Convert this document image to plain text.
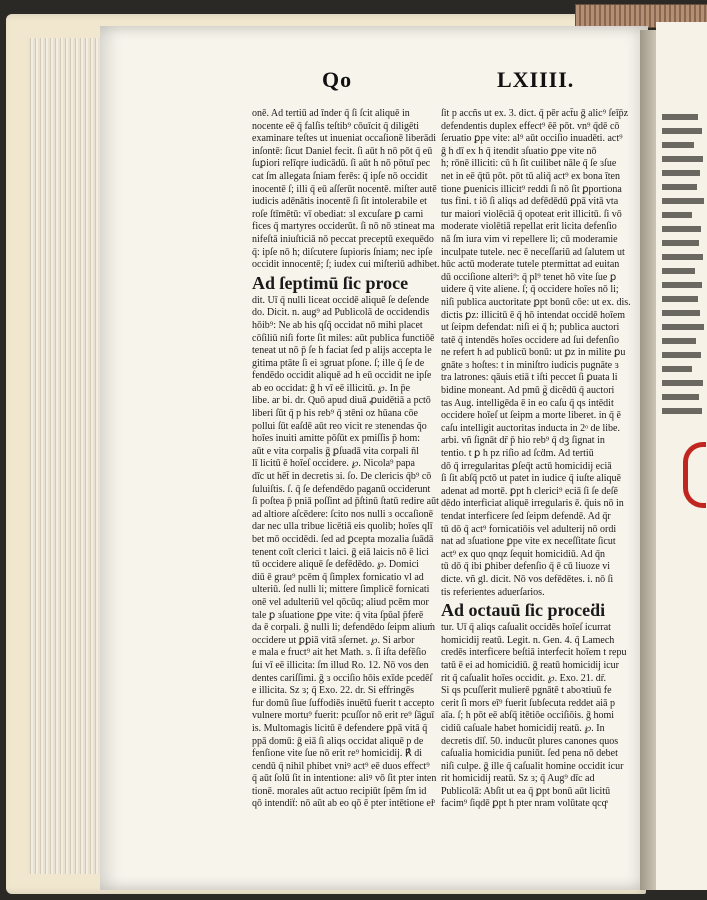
Qo	LXIIII.
onē. Ad tertiū ad īnder q̄ ſi ſcit aliquē in
nocente eē q̄ falſis teſtib⁹ cōuīcit q̄ diligēti
examinare teſtes ut inueniat occaſionē liberādi
inſontē: ſicut Daniel fecit. ſi aūt h̄ nō pōt q̄ eū
ſuꝑiori relīqre iudicādū. ſi aūt h̄ nō pōtuī pec
cat ſm allegata ſniam ferēs: q̄ ipſe nō occidit
inocentē ſ; illi q̄ eū aſſerūt nocentē. miſter autē
iudicis adēnātis inocentē ſi ſit intolerabile et
roſe ſtīmētū: vī obediat: ɜl excuſare ꝑ carni
fices q̄ martyres occiderūt. ſi nō nō ɜtineat ma
nifeſtā iniuſticiā nō peccat preceptū exequēdo
q̄: ipſe nō h̄; diſcutere ſupioris ſniam; nec ipſe
occidit innocentē; ſ; iudex cui miſteriū adhibet.
Ad ſeptimū ſic proce
dit. Uī q̄ nulli liceat occidē aliquē ſe deſende
do. Dicit. n. aug⁹ ad Publicolā de occidendis
hōib⁹: Ne ab his qſq̄ occidat nō mihi placet
cōſiliū niſi forte ſit miles: aūt publica functiōē
teneat ut nō p̄ ſe h̄ faciat ſed p alijs accepta le
gitima ptāte ſi ei ɜgruat pſone. ſ; ille q̄ ſe de
fendēdo occidit aliquē ad h̄ eū occidit ne ipſe
ab eo occidat: ḡ h̄ vī eē illicitū. ℘. In p̄e
libe. ar bi. dr. Quō apud diuā ꝓuidētiā a pctō
liberi ſūt q̄ p his reb⁹ q̄ ɜtēni oz hūana cōe
pollui ſūt eaſdē aūt reo vicit re ɜtenendas q̄o
hoīes inuiti amitte pōſūt ex pmiſſis p̄ hom:
aūt e vita corpalis ḡ ꝑſuadā vita corpali n̄l
lī licitū ē hoīeſ occidere. ℘. Nicola⁹ papa
dīc ut h̄ēt̄ in decretis ɜi. ſo. De clericis q̄b⁹ cō
ſuluiſtis. ſ. q̄ ſe defendēdo paganū occiderunt
ſi poſtea p̄ pniā poſſint ad p̄ſtinū ſtatū redire aūt
ad altiore aſcēdere: ſcito nos nulli ɜ occaſionē
dar nec ulla tribue licētiā eis quolib; hoīes qlī
bet mō occidēdi. ſed ad ꝑcepta mozalia ſuādā
tenent coīt clerici t laici. ḡ eiā laicis nō ē lici
tū occidere aliquē ſe defēdēdo. ℘. Domici
diū ē grau⁹ pcēm q̄ ſimplex fornicatio vl ad
ulteriū. ſed nulli li; mittere ſimplicē fornicati
onē vel adulteriū vel qōcūq; aliud pcēm mor
tale ꝑ ɜſuatione ꝑpe vite: q̄ vita ſpūal p̄ferē
da ē corpali. ḡ nulli li; defendēdo ſeipm aliuṁ
occidere ut ꝑꝑiā vitā ɜſernet. ℘. Si arbor
e mala e fruct⁹ ait h̄et Math. ɜ. ſi iſta defēſio
ſui vī eē illicita: ſm illud Ro. 12. Nō vos den
dentes cariſſimi. ḡ ɜ occiſio hōis exīde pcedēſ
e illicita. Sz ɜ; q̄ Exo. 22. dr. Si effringēs
fur domū ſiue ſuffodiēs inuētū fuerit t accepto
vulnere mortu⁹ fuerit: pcuſſor nō erit re⁹ ſāguī
is. Multomagis licitū ē defendere ꝑpā vitā q̄
ppā domū: ḡ eiā ſi aliqs occidat aliquē p de
fenſione vite ſue nō erit re⁹ homicidij. ℟ di
cendū q̄ nihil phibet vniꝰ act⁹ eē duos effect⁹
q̄ aūt ſolū ſit in intentione: aliꝰ vō ſit pter inten
tionē. morales aūt actuo recipiūt ſpēm ſm id
qō intendiẗ: nō aūt ab eo qō ē pter intētione eiͦ
ſit p accñs ut ex. 3. dict. q̄ pēr act̄u ḡ alic⁹ ſeīp̄z
defendentis duplex effect⁹ ēē pōt. vn⁹ q̄dē cō
ſeruatio ꝑpe vite: al⁹ aūt occiſio inuadēti. act⁹
ḡ h̄ dī ex h̄ q̄ itendit ɜſuatio ꝑpe vite nō
h̄; rōnē illiciti: cū h̄ ſit cuilibet nāle q̄ ſe ɜſue
net in eē q̄tū pōt. pōt tū aliq̄ act⁹ ex bona īten
tione ꝑuenicis illicit⁹ reddi ſi nō ſit ꝑportiona
tus fini. t iō ſi aliqs ad defēdēdū ꝑpā vitā vta
tur maiori violēciā q̄ opoteat erit illicitū. ſi vō
moderate violētiā repellat erit licita defenſio
nā ſm iura vim vi repellere li; cū moderamie
inculpate tutele. nec ē neceſſariū ad ſalutem ut
hūc actū moderate tutele ptermittat ad euitan
dū occiſione alteri⁹: q̄ pl⁹ tenet hō vite ſue ꝑ
uidere q̄ vite aliene. ſ; q̄ occidere hoīes nō li;
niſi publica auctoritate ꝑpt bonū cōe: ut ex. dis.
dictis ꝑz: illicitū ē q̄ hō intendat occidē hoīem
ut ſeipm defendat: niſi ei q̄ h̄; publica auctori
tatē q̄ intendēs hoīes occidere ad ſui defenſio
ne refert h̄ ad publicū bonū: ut ꝑz in milite ꝑu
gnāte ɜ hoſtes: t in miniſtro iudicis pugnāte ɜ
tra latrones: qāuis etiā t iſti peccet ſi ꝑuata li
bidine moneant. Ad pmū g̃ dicēdū q̄ auctori
tas Aug. intelligēda ē in eo caſu q̄ qs intēdit
occidere hoīeſ ut ſeipm a morte liberet. in q̄ ē
caſu intelligit auctoritas inducta in 2ᵒ de libe.
arbi. vñ ſignāt dr̄ p̄ hio reb⁹ q̄ dꝫ ſignat in
tentio. t ꝑ h̄ pz riſio ad ſcḋm. Ad tertiū
dō q̄ irregularitas ꝑſeq̄t actū homicidij eciā
ſi ſit abſq̄ pctō ut patet in iudice q̄ iuſte aliquē
adenat ad mortē. ꝑpt h̄ clerici⁹ eciā ſi ſe deſē
dēdo interficiat aliquē irregularis ē. q̄uis nō in
tendat interficere ſed ſeipm defendē. Ad q̄r
tū dō q̄ act⁹ fornicatiōis vel adulterij nō ordi
nat ad ɜſuatione ꝑpe vite ex neceſſitate ſicut
act⁹ ex quo qnqz ſequit homicidiū. Ad q̄n
tū dō q̄ ibi ꝑhiber defenſio q̄ ē cū liuoze vi
dicte. vñ gl. dicit. Nō vos defēdētes. i. nō ſi
tis referientes aduerſarios.
Ad octauū ſic proceḋi
tur. Uī q̄ aliqs caſualit occidēs hoīeſ icurrat
homicidij reatū. Legit. n. Gen. 4. q̄ Lamech
credēs interficere beſtiā interfecit hoīem t repu
tatū ē ei ad homicidiū. ḡ reatū homicidij icur
rit q̄ caſualit hoīes occidit. ℘. Exo. 21. dr̄.
Si qs pcuſſerit mulierē pgnātē t aboꝛtiuū fe
cerit ſi mors eī⁹ fuerit ſubſecuta reddet aiā p
aīa. ſ; h̄ pōt eē abſq̄ itētiōe occiſiōis. ḡ homi
cidiū caſuale habet homicidij reatū. ℘. In
decretis dīſ. 50. inducūt plures canones quos
caſualia homicidia puniūt. ſed pena nō debet
niſi culpe. ḡ ille q̄ caſualit homine occidit icur
rit homicidij reatū. Sz ɜ; q̄ Aug⁹ dīc ad
Publicolā: Abſit ut ea q̄ ꝑpt bonū aūt licitū
facim⁹ ſiqdē ꝑpt h̄ pter nram volūtate qcqͣ
